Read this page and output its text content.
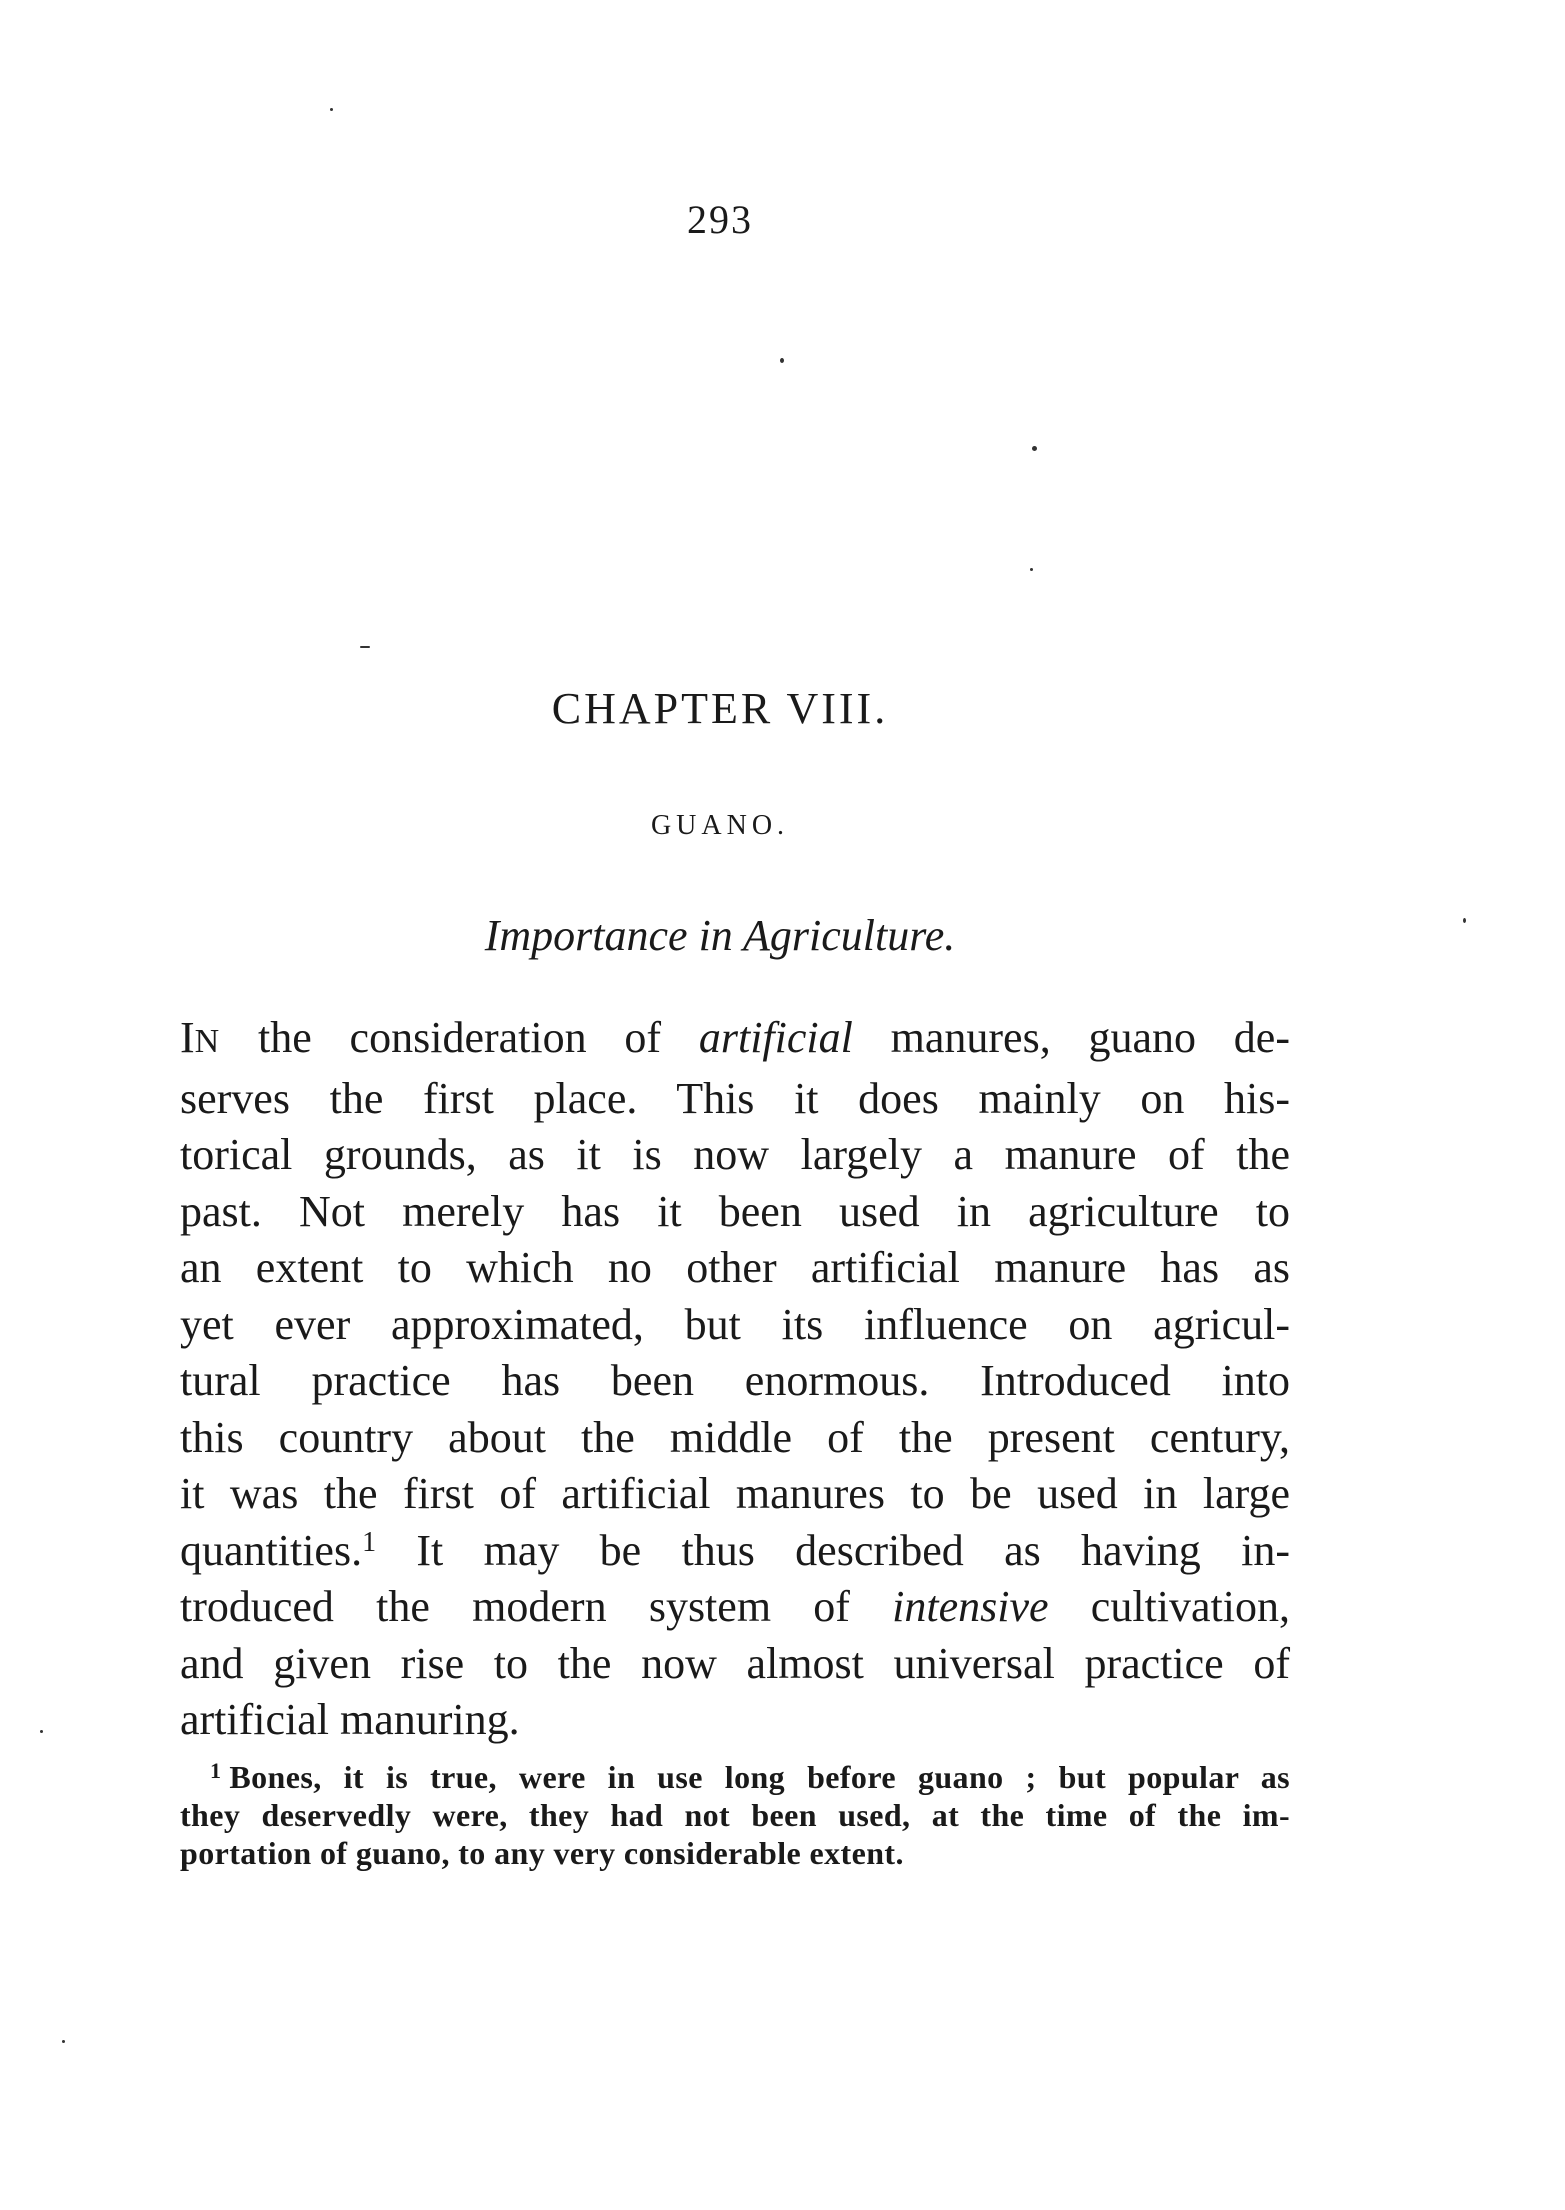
293
CHAPTER VIII.
GUANO.
Importance in Agriculture.
IN the consideration of artificial manures, guano de-
serves the first place. This it does mainly on his-
torical grounds, as it is now largely a manure of the
past. Not merely has it been used in agriculture to
an extent to which no other artificial manure has as
yet ever approximated, but its influence on agricul-
tural practice has been enormous. Introduced into
this country about the middle of the present century,
it was the first of artificial manures to be used in large
quantities.$^1$ It may be thus described as having in-
troduced the modern system of intensive cultivation,
and given rise to the now almost universal practice of
artificial manuring.
$^1$ Bones, it is true, were in use long before guano ; but popular as
they deservedly were, they had not been used, at the time of the im-
portation of guano, to any very considerable extent.
